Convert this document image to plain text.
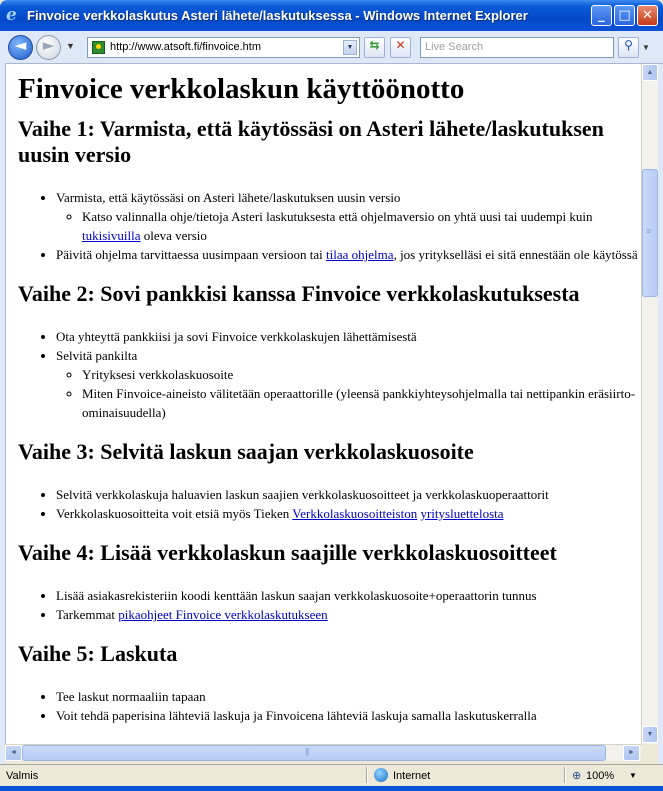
e Finvoice verkkolaskutus Asteri lähete/laskutuksessa - Windows Internet Explorer	_	□ ✕
◄	►	▼	http://www.atsoft.fi/finvoice.htm	▼	⇆	✕	Live Search	⚲	▼
Finvoice verkkolaskun käyttöönotto
Vaihe 1: Varmista, että käytössäsi on Asteri lähete/laskutuksen uusin versio
• Varmista, että käytössäsi on Asteri lähete/laskutuksen uusin versio
◦ Katso valinnalla ohje/tietoja Asteri laskutuksesta että ohjelmaversio on yhtä uusi tai uudempi kuin tukisivuilla oleva versio
• Päivitä ohjelma tarvittaessa uusimpaan versioon tai tilaa ohjelma, jos yritykselläsi ei sitä ennestään ole käytössä
Vaihe 2: Sovi pankkisi kanssa Finvoice verkkolaskutuksesta
• Ota yhteyttä pankkiisi ja sovi Finvoice verkkolaskujen lähettämisestä
• Selvitä pankilta
◦ Yrityksesi verkkolaskuosoite
◦ Miten Finvoice-aineisto välitetään operaattorille (yleensä pankkiyhteysohjelmalla tai nettipankin eräsiirto-ominaisuudella)
Vaihe 3: Selvitä laskun saajan verkkolaskuosoite
• Selvitä verkkolaskuja haluavien laskun saajien verkkolaskuosoitteet ja verkkolaskuoperaattorit
• Verkkolaskuosoitteita voit etsiä myös Tieken Verkkolaskuosoitteiston yritysluettelosta
Vaihe 4: Lisää verkkolaskun saajille verkkolaskuosoitteet
• Lisää asiakasrekisteriin koodi kenttään laskun saajan verkkolaskuosoite+operaattorin tunnus
• Tarkemmat pikaohjeet Finvoice verkkolaskutukseen
Vaihe 5: Laskuta
• Tee laskut normaaliin tapaan
• Voit tehdä paperisina lähteviä laskuja ja Finvoicena lähteviä laskuja samalla laskutuskerralla
▲
≡
▼
◄
|||	►
Valmis	Internet	⊕ 100% ▼
